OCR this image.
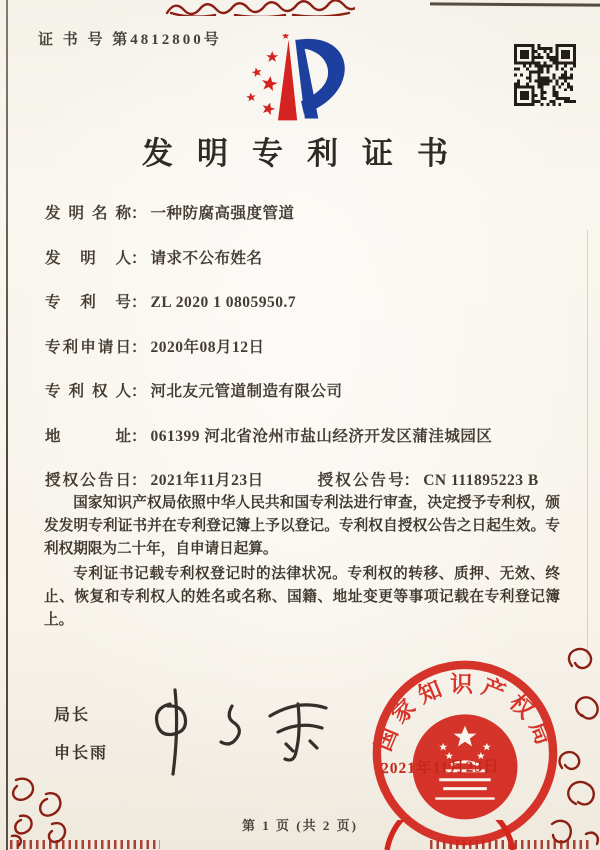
证 书 号 第4812800号
发明专利证书
发明名称： 一种防腐高强度管道
发明人： 请求不公布姓名
专利号： ZL 2020 1 0805950.7
专利申请日： 2020年08月12日
专利权人： 河北友元管道制造有限公司
地址： 061399 河北省沧州市盐山经济开发区蒲洼城园区
授权公告日： 2021年11月23日	授权公告号： CN 111895223 B

国家知识产权局依照中华人民共和国专利法进行审查，决定授予专利权，颁发发明专利证书并在专利登记簿上予以登记。专利权自授权公告之日起生效。专利权期限为二十年，自申请日起算。

专利证书记载专利权登记时的法律状况。专利权的转移、质押、无效、终止、恢复和专利权人的姓名或名称、国籍、地址变更等事项记载在专利登记簿上。

局长
申长雨	国家知识产权局
2021年11月23日
第 1 页 (共 2 页)
